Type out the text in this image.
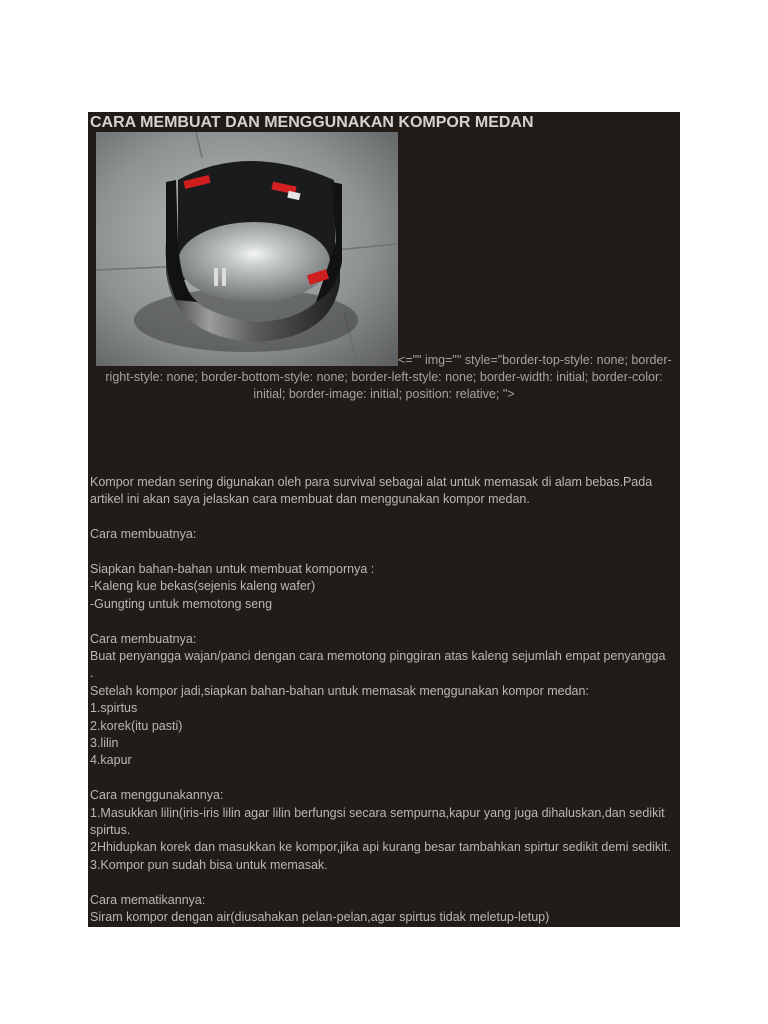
CARA MEMBUAT DAN MENGGUNAKAN KOMPOR MEDAN
<="" img="" style="border-top-style: none; border-
right-style: none; border-bottom-style: none; border-left-style: none; border-width: initial; border-color:
initial; border-image: initial; position: relative; ">

Kompor medan sering digunakan oleh para survival sebagai alat untuk memasak di alam bebas.Pada

artikel ini akan saya jelaskan cara membuat dan menggunakan kompor medan.

Cara membuatnya:

Siapkan bahan-bahan untuk membuat kompornya :

-Kaleng kue bekas(sejenis kaleng wafer)

-Gungting untuk memotong seng

Cara membuatnya:

Buat penyangga wajan/panci dengan cara memotong pinggiran atas kaleng sejumlah empat penyangga

.

Setelah kompor jadi,siapkan bahan-bahan untuk memasak menggunakan kompor medan:

1.spirtus

2.korek(itu pasti)

3.lilin

4.kapur

Cara menggunakannya:

1.Masukkan lilin(iris-iris lilin agar lilin berfungsi secara sempurna,kapur yang juga dihaluskan,dan sedikit

spirtus.

2Hhidupkan korek dan masukkan ke kompor,jika api kurang besar tambahkan spirtur sedikit demi sedikit.

3.Kompor pun sudah bisa untuk memasak.

Cara mematikannya:

Siram kompor dengan air(diusahakan pelan-pelan,agar spirtus tidak meletup-letup)
